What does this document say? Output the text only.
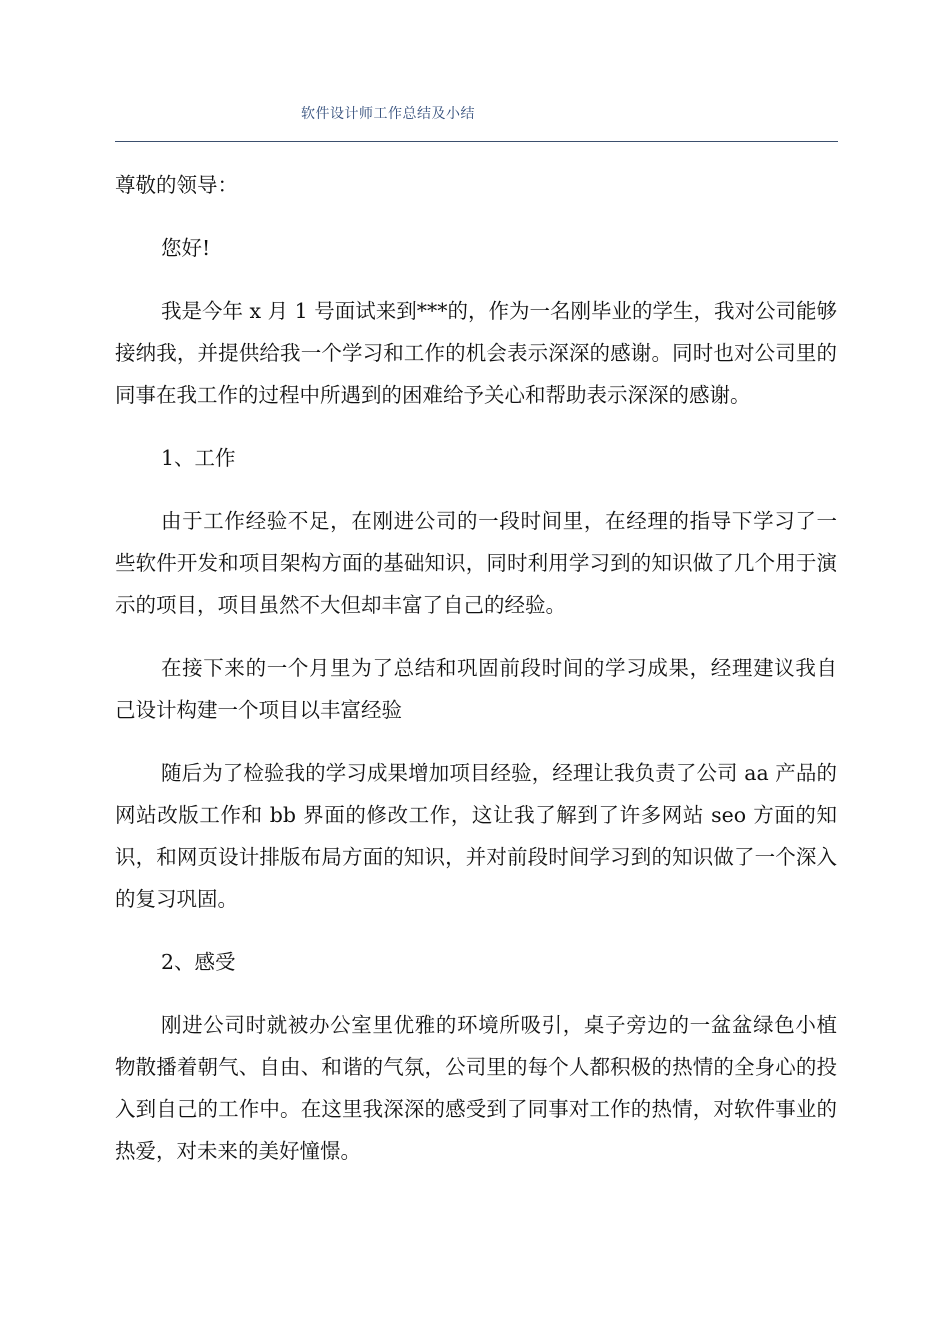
软件设计师工作总结及小结

尊敬的领导：

您好!

我是今年 x 月 1 号面试来到***的，作为一名刚毕业的学生，我对公司能够接纳我，并提供给我一个学习和工作的机会表示深深的感谢。同时也对公司里的同事在我工作的过程中所遇到的困难给予关心和帮助表示深深的感谢。

1、工作

由于工作经验不足，在刚进公司的一段时间里，在经理的指导下学习了一些软件开发和项目架构方面的基础知识，同时利用学习到的知识做了几个用于演示的项目，项目虽然不大但却丰富了自己的经验。

在接下来的一个月里为了总结和巩固前段时间的学习成果，经理建议我自己设计构建一个项目以丰富经验

随后为了检验我的学习成果增加项目经验，经理让我负责了公司 aa 产品的网站改版工作和 bb 界面的修改工作，这让我了解到了许多网站 seo 方面的知识，和网页设计排版布局方面的知识，并对前段时间学习到的知识做了一个深入的复习巩固。

2、感受

刚进公司时就被办公室里优雅的环境所吸引，桌子旁边的一盆盆绿色小植物散播着朝气、自由、和谐的气氛，公司里的每个人都积极的热情的全身心的投入到自己的工作中。在这里我深深的感受到了同事对工作的热情，对软件事业的热爱，对未来的美好憧憬。
